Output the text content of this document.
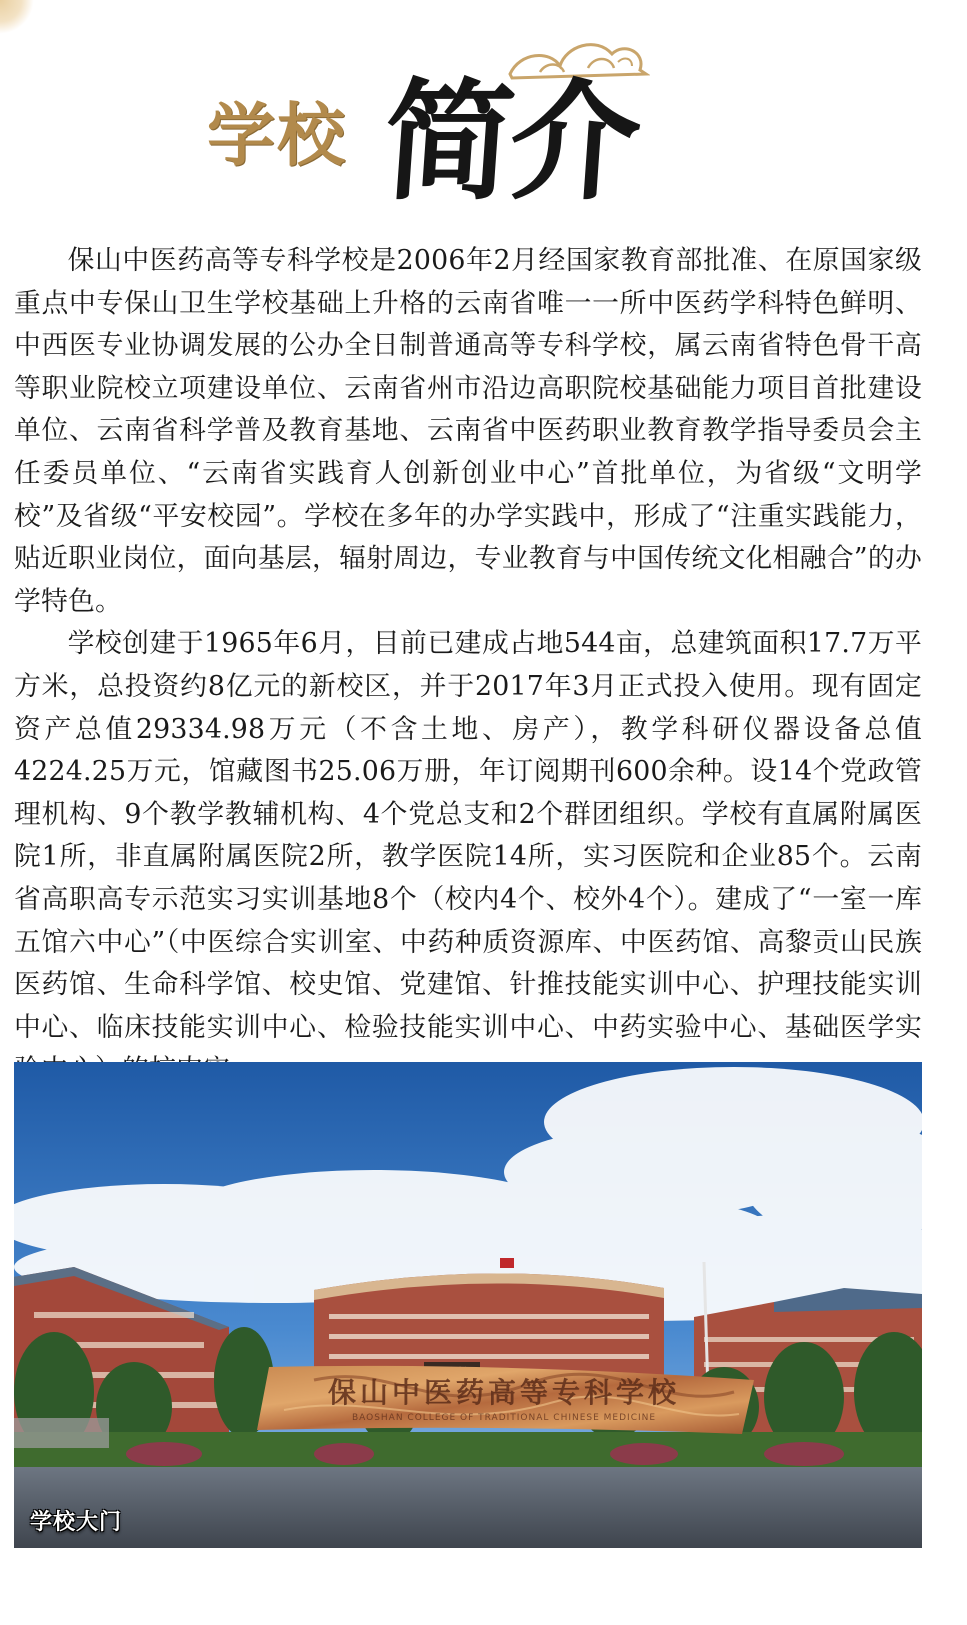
学校 简介

保山中医药高等专科学校是2006年2月经国家教育部批准、在原国家级重点中专保山卫生学校基础上升格的云南省唯一一所中医药学科特色鲜明、中西医专业协调发展的公办全日制普通高等专科学校，属云南省特色骨干高等职业院校立项建设单位、云南省州市沿边高职院校基础能力项目首批建设单位、云南省科学普及教育基地、云南省中医药职业教育教学指导委员会主任委员单位、“云南省实践育人创新创业中心”首批单位，为省级“文明学校”及省级“平安校园”。学校在多年的办学实践中，形成了“注重实践能力，贴近职业岗位，面向基层，辐射周边，专业教育与中国传统文化相融合”的办学特色。

学校创建于1965年6月，目前已建成占地544亩，总建筑面积17.7万平方米，总投资约8亿元的新校区，并于2017年3月正式投入使用。现有固定资产总值29334.98万元（不含土地、房产），教学科研仪器设备总值4224.25万元，馆藏图书25.06万册，年订阅期刊600余种。设14个党政管理机构、9个教学教辅机构、4个党总支和2个群团组织。学校有直属附属医院1所，非直属附属医院2所，教学医院14所，实习医院和企业85个。云南省高职高专示范实习实训基地8个（校内4个、校外4个）。建成了“一室一库五馆六中心”（中医综合实训室、中药种质资源库、中医药馆、高黎贡山民族医药馆、生命科学馆、校史馆、党建馆、针推技能实训中心、护理技能实训中心、临床技能实训中心、检验技能实训中心、中药实验中心、基础医学实

保山中医药高等专科学校
BAOSHAN COLLEGE OF TRADITIONAL CHINESE MEDICINE
学校大门
